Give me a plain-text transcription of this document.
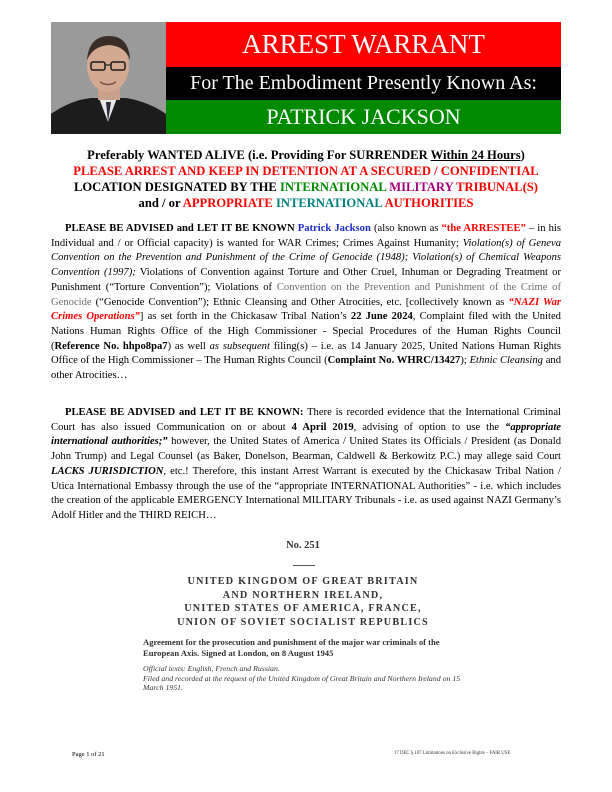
ARREST WARRANT
For The Embodiment Presently Known As:
PATRICK JACKSON
Preferably WANTED ALIVE (i.e. Providing For SURRENDER Within 24 Hours)
PLEASE ARREST AND KEEP IN DETENTION AT A SECURED / CONFIDENTIAL
LOCATION DESIGNATED BY THE INTERNATIONAL MILITARY TRIBUNAL(S)
and / or APPROPRIATE INTERNATIONAL AUTHORITIES
PLEASE BE ADVISED and LET IT BE KNOWN Patrick Jackson (also known as “the ARRESTEE” – in his Individual and / or Official capacity) is wanted for WAR Crimes; Crimes Against Humanity; Violation(s) of Geneva Convention on the Prevention and Punishment of the Crime of Genocide (1948); Violation(s) of Chemical Weapons Convention (1997); Violations of Convention against Torture and Other Cruel, Inhuman or Degrading Treatment or Punishment (“Torture Convention”); Violations of Convention on the Prevention and Punishment of the Crime of Genocide (“Genocide Convention”); Ethnic Cleansing and Other Atrocities, etc. [collectively known as “NAZI War Crimes Operations”] as set forth in the Chickasaw Tribal Nation’s 22 June 2024, Complaint filed with the United Nations Human Rights Office of the High Commissioner - Special Procedures of the Human Rights Council (Reference No. hhpo8pa7) as well as subsequent filing(s) – i.e. as 14 January 2025, United Nations Human Rights Office of the High Commissioner – The Human Rights Council (Complaint No. WHRC/13427); Ethnic Cleansing and other Atrocities…
PLEASE BE ADVISED and LET IT BE KNOWN: There is recorded evidence that the International Criminal Court has also issued Communication on or about 4 April 2019, advising of option to use the “appropriate international authorities;” however, the United States of America / United States its Officials / President (as Donald John Trump) and Legal Counsel (as Baker, Donelson, Bearman, Caldwell & Berkowitz P.C.) may allege said Court LACKS JURISDICTION, etc.! Therefore, this instant Arrest Warrant is executed by the Chickasaw Tribal Nation / Utica International Embassy through the use of the “appropriate INTERNATIONAL Authorities” - i.e. which includes the creation of the applicable EMERGENCY International MILITARY Tribunals - i.e. as used against NAZI Germany’s Adolf Hitler and the THIRD REICH…
No. 251
UNITED KINGDOM OF GREAT BRITAIN
AND NORTHERN IRELAND,
UNITED STATES OF AMERICA, FRANCE,
UNION OF SOVIET SOCIALIST REPUBLICS
Agreement for the prosecution and punishment of the major war criminals of the European Axis. Signed at London, on 8 August 1945
Official texts: English, French and Russian.
Filed and recorded at the request of the United Kingdom of Great Britain and Northern Ireland on 15 March 1951.
Page 1 of 21	17 DEC § 107 Limitations on Exclusive Rights – FAIR USE
